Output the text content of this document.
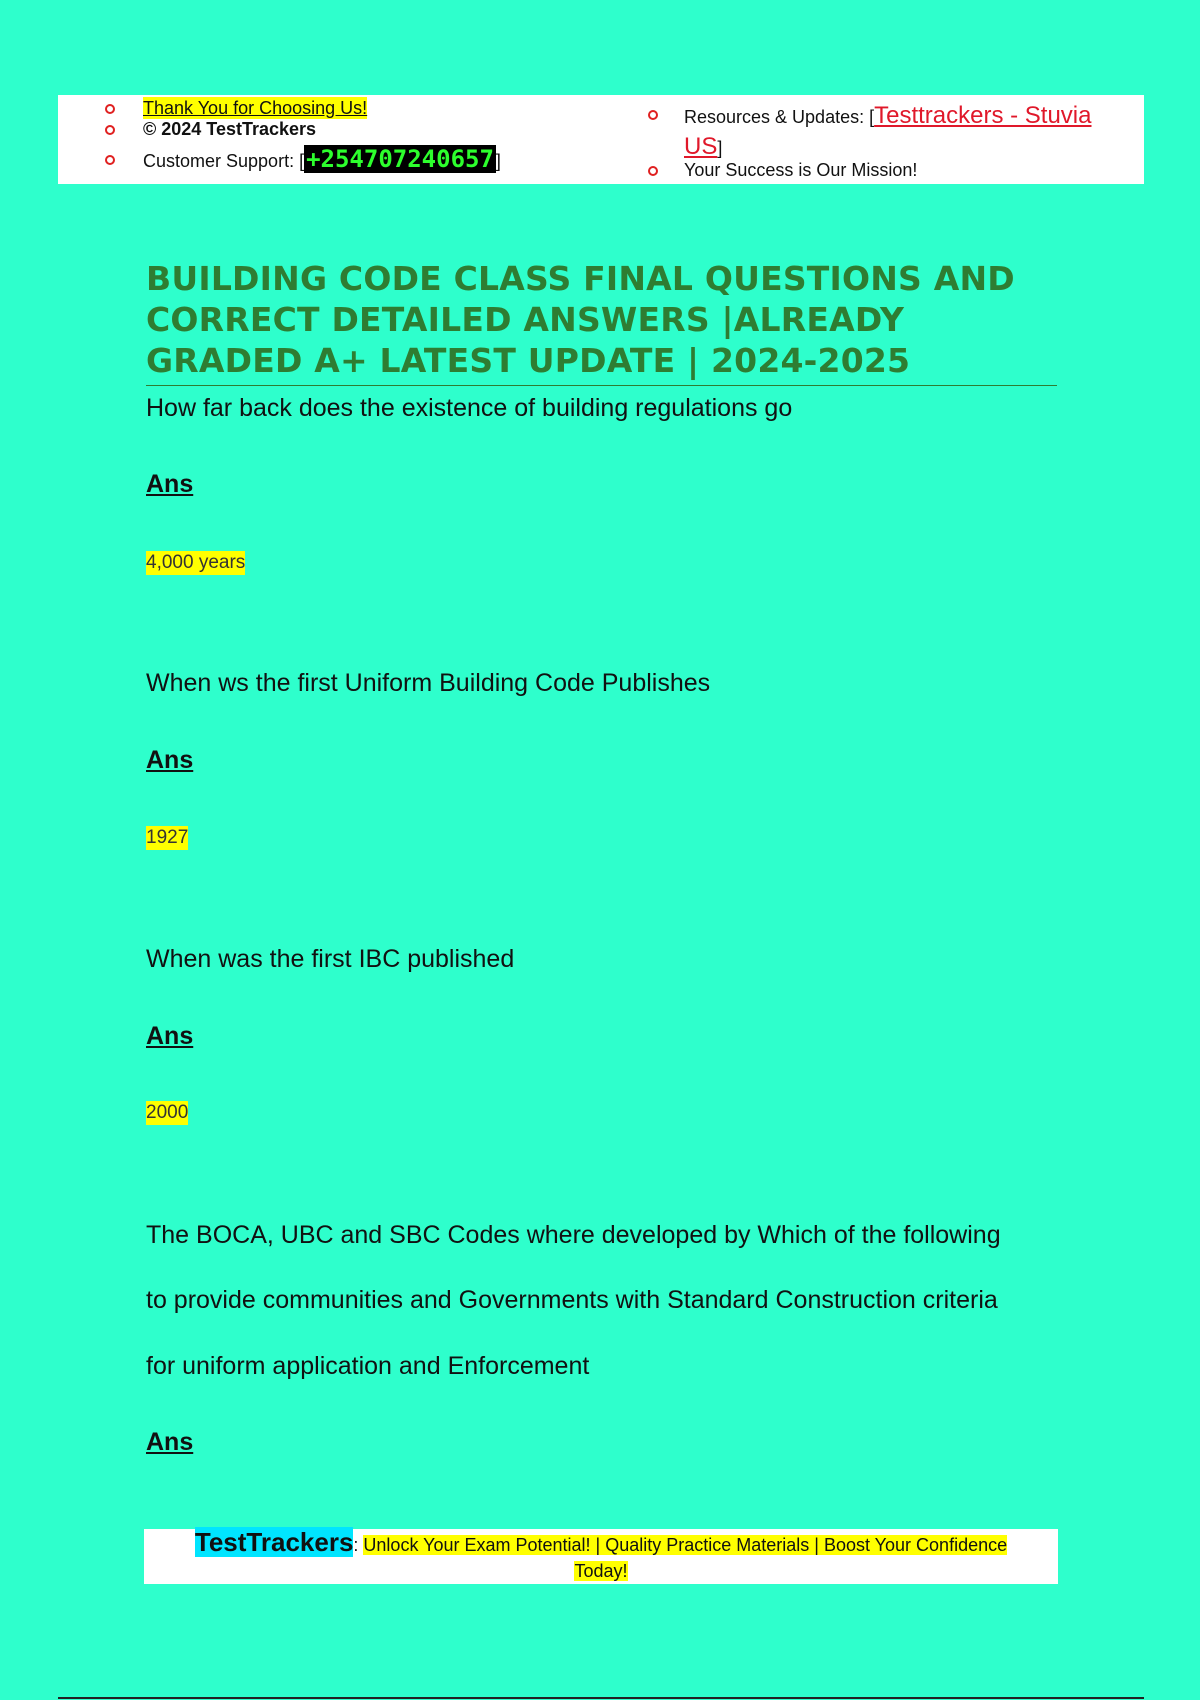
Thank You for Choosing Us!
© 2024 TestTrackers
Customer Support: [+254707240657 ]
Resources & Updates: [Testtrackers - Stuvia
US]
Your Success is Our Mission!
BUILDING CODE CLASS FINAL QUESTIONS AND
CORRECT DETAILED ANSWERS |ALREADY
GRADED A+ LATEST UPDATE | 2024-2025
How far back does the existence of building regulations go
Ans
4,000 years
When ws the first Uniform Building Code Publishes
Ans
1927
When was the first IBC published
Ans
2000
The BOCA, UBC and SBC Codes where developed by Which of the following
to provide communities and Governments with Standard Construction criteria
for uniform application and Enforcement
Ans
TestTrackers: Unlock Your Exam Potential! | Quality Practice Materials | Boost Your Confidence
Today!
